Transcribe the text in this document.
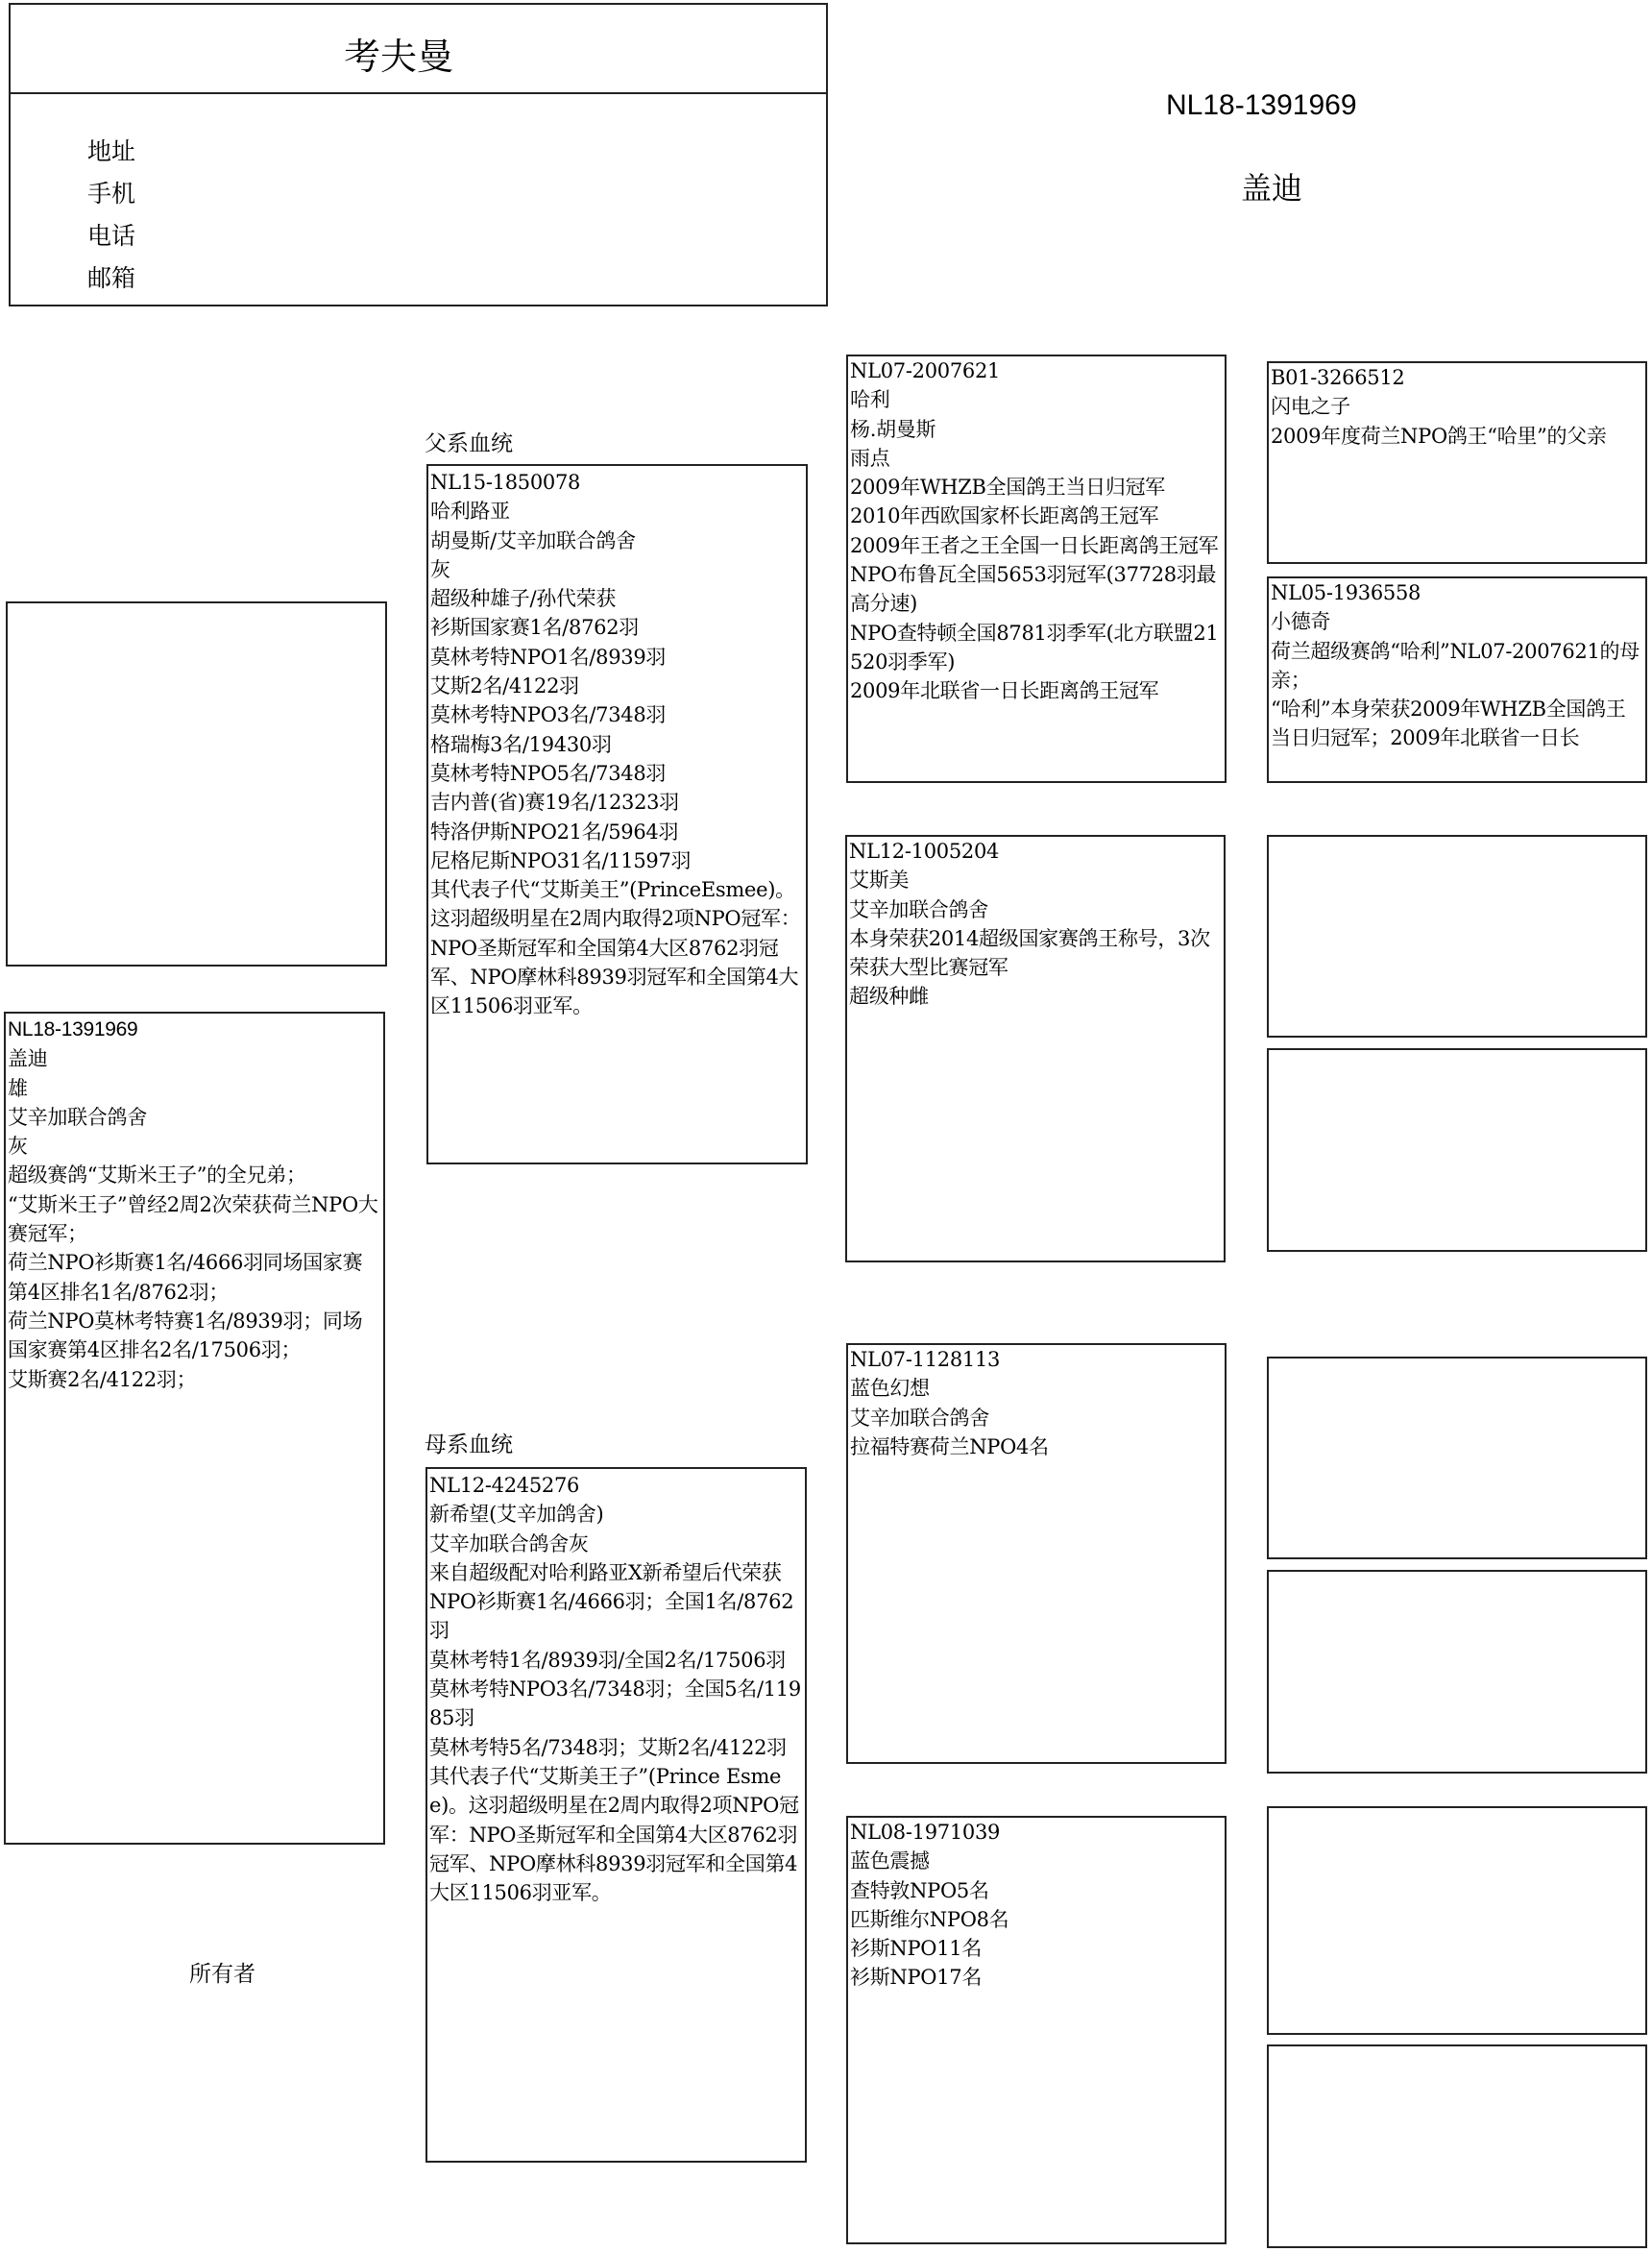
考夫曼
地址
手机
电话
邮箱
NL18-1391969
盖迪
NL18-1391969
盖迪
雄
艾辛加联合鸽舍
灰
超级赛鸽“艾斯米王子”的全兄弟；
“艾斯米王子”曾经2周2次荣获荷兰NPO大赛冠军；
荷兰NPO衫斯赛1名/4666羽同场国家赛第4区排名1名/8762羽；
荷兰NPO莫林考特赛1名/8939羽；同场国家赛第4区排名2名/17506羽；
艾斯赛2名/4122羽；
所有者
父系血统
NL15-1850078
哈利路亚
胡曼斯/艾辛加联合鸽舍
灰
超级种雄子/孙代荣获
衫斯国家赛1名/8762羽
莫林考特NPO1名/8939羽
艾斯2名/4122羽
莫林考特NPO3名/7348羽
格瑞梅3名/19430羽
莫林考特NPO5名/7348羽
吉内普(省)赛19名/12323羽
特洛伊斯NPO21名/5964羽
尼格尼斯NPO31名/11597羽
其代表子代“艾斯美王”(PrinceEsmee)。这羽超级明星在2周内取得2项NPO冠军：NPO圣斯冠军和全国第4大区8762羽冠军、NPO摩林科8939羽冠军和全国第4大区11506羽亚军。
母系血统
NL12-4245276
新希望(艾辛加鸽舍)
艾辛加联合鸽舍灰
来自超级配对哈利路亚X新希望后代荣获
NPO衫斯赛1名/4666羽；全国1名/8762羽
莫林考特1名/8939羽/全国2名/17506羽
莫林考特NPO3名/7348羽；全国5名/11985羽
莫林考特5名/7348羽；艾斯2名/4122羽
其代表子代“艾斯美王子”(Prince Esmee)。这羽超级明星在2周内取得2项NPO冠军：NPO圣斯冠军和全国第4大区8762羽冠军、NPO摩林科8939羽冠军和全国第4大区11506羽亚军。
NL07-2007621
哈利
杨.胡曼斯
雨点
2009年WHZB全国鸽王当日归冠军
2010年西欧国家杯长距离鸽王冠军
2009年王者之王全国一日长距离鸽王冠军
NPO布鲁瓦全国5653羽冠军(37728羽最高分速)
NPO查特顿全国8781羽季军(北方联盟21520羽季军)
2009年北联省一日长距离鸽王冠军
NL12-1005204
艾斯美
艾辛加联合鸽舍
本身荣获2014超级国家赛鸽王称号，3次荣获大型比赛冠军
超级种雌
NL07-1128113
蓝色幻想
艾辛加联合鸽舍
拉福特赛荷兰NPO4名
NL08-1971039
蓝色震撼
查特敦NPO5名
匹斯维尔NPO8名
衫斯NPO11名
衫斯NPO17名
B01-3266512
闪电之子
2009年度荷兰NPO鸽王“哈里”的父亲
NL05-1936558
小德奇
荷兰超级赛鸽“哈利”NL07-2007621的母亲；
“哈利”本身荣获2009年WHZB全国鸽王当日归冠军；2009年北联省一日长
